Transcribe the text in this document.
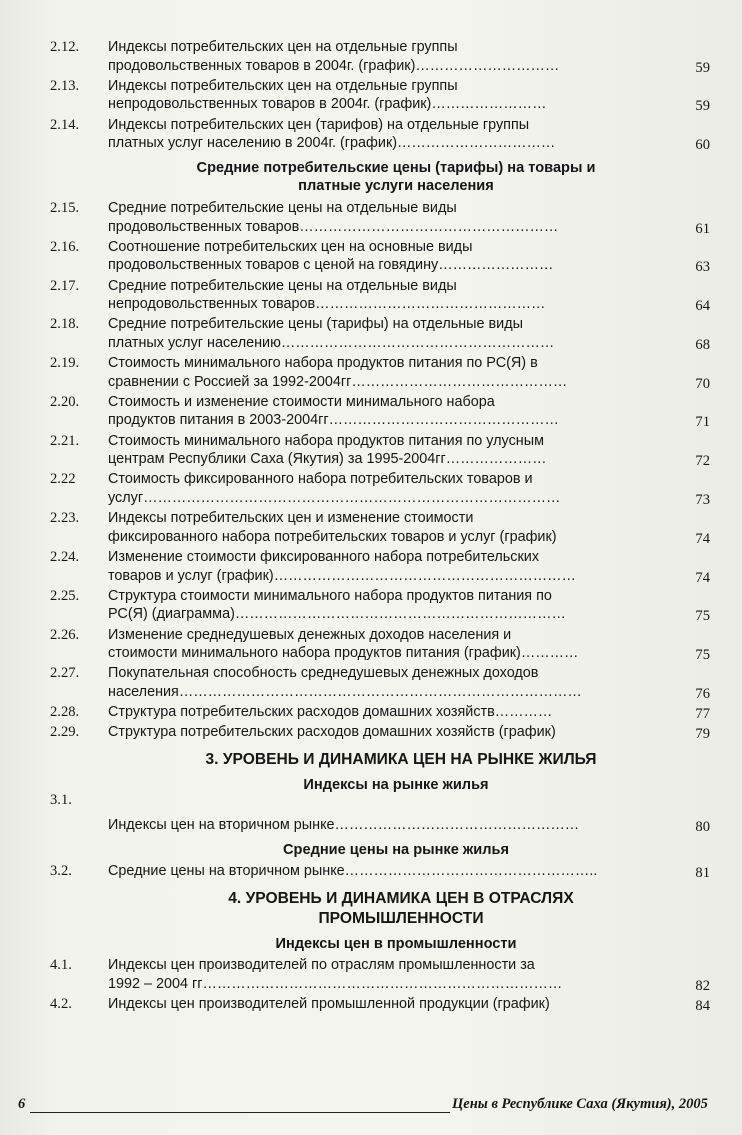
2.12. Индексы потребительских цен на отдельные группы
продовольственных товаров в 2004г. (график)…………………………	59
2.13. Индексы потребительских цен на отдельные группы
непродовольственных товаров в 2004г. (график)……………………	59
2.14. Индексы потребительских цен (тарифов) на отдельные группы
платных услуг населению в 2004г. (график)……………………………	60
Средние потребительские цены (тарифы) на товары и
платные услуги населения
2.15. Средние потребительские цены на отдельные виды
продовольственных товаров………………………………………………	61
2.16. Соотношение потребительских цен на основные виды
продовольственных товаров с ценой на говядину……………………	63
2.17. Средние потребительские цены на отдельные виды
непродовольственных товаров…………………………………………	64
2.18. Средние потребительские цены (тарифы) на отдельные виды
платных услуг населению…………………………………………………	68
2.19. Стоимость минимального набора продуктов питания по РС(Я) в
сравнении с Россией за 1992-2004гг………………………………………	70
2.20. Стоимость и изменение стоимости минимального набора
продуктов питания в 2003-2004гг…………………………………………	71
2.21. Стоимость минимального набора продуктов питания по улусным
центрам Республики Саха (Якутия) за 1995-2004гг…………………	72
2.22 Стоимость фиксированного набора потребительских товаров и
услуг……………………………………………………………………………	73
2.23. Индексы потребительских цен и изменение стоимости
фиксированного набора потребительских товаров и услуг (график)	74
2.24. Изменение стоимости фиксированного набора потребительских
товаров и услуг (график)………………………………………………………	74
2.25. Структура стоимости минимального набора продуктов питания по
РС(Я) (диаграмма)……………………………………………………………	75
2.26. Изменение среднедушевых денежных доходов населения и
стоимости минимального набора продуктов питания (график)…………	75
2.27. Покупательная способность среднедушевых денежных доходов
населения…………………………………………………………………………	76
2.28. Структура потребительских расходов домашних хозяйств…………	77
2.29. Структура потребительских расходов домашних хозяйств (график)	79
3. УРОВЕНЬ И ДИНАМИКА ЦЕН НА РЫНКЕ ЖИЛЬЯ
Индексы на рынке жилья
3.1.

Индексы цен на вторичном рынке……………………………………………	80
Средние цены на рынке жилья
3.2.	Средние цены на вторичном рынке……………………………………………..	81
4. УРОВЕНЬ И ДИНАМИКА ЦЕН В ОТРАСЛЯХ
ПРОМЫШЛЕННОСТИ
Индексы цен в промышленности
4.1.	Индексы цен производителей по отраслям промышленности за
1992 – 2004 гг…………………………………………………………………	82
4.2.	Индексы цен производителей промышленной продукции (график)	84
6	Цены в Республике Саха (Якутия), 2005
